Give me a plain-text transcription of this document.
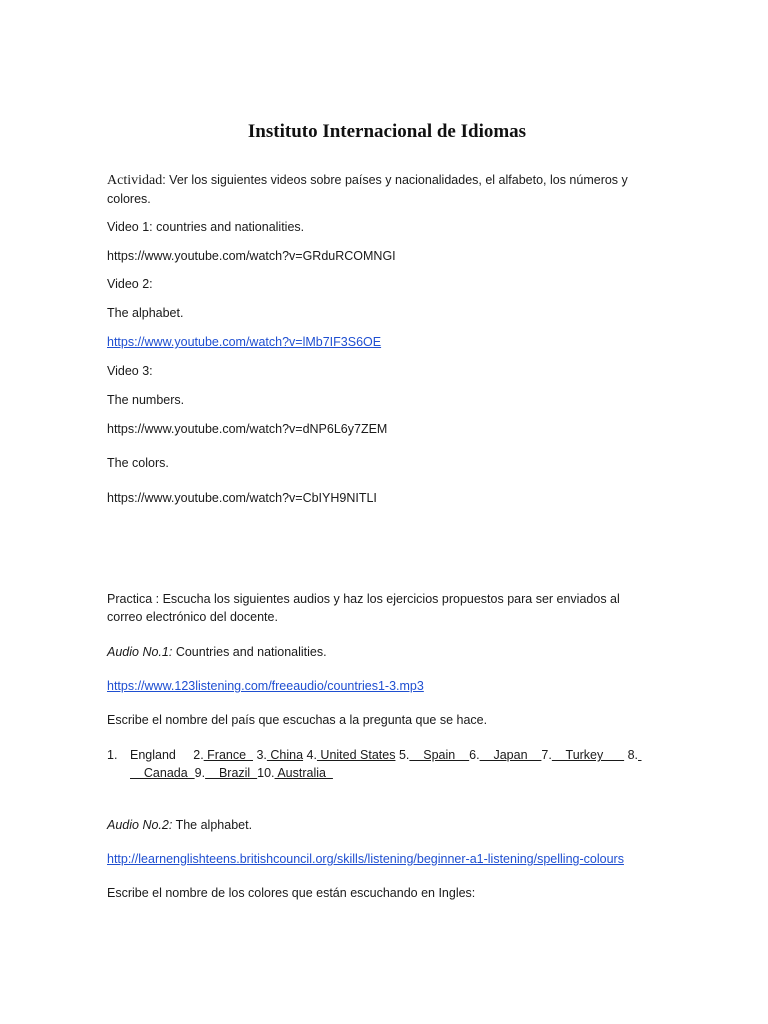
Instituto Internacional de Idiomas

Actividad: Ver los siguientes videos sobre países y nacionalidades, el alfabeto, los números y colores.

Video 1: countries and nationalities.

https://www.youtube.com/watch?v=GRduRCOMNGI

Video 2:

The alphabet.

https://www.youtube.com/watch?v=lMb7IF3S6OE

Video 3:

The numbers.

https://www.youtube.com/watch?v=dNP6L6y7ZEM

The colors.

https://www.youtube.com/watch?v=CbIYH9NITLI

Practica : Escucha los siguientes audios y haz los ejercicios propuestos para ser enviados al correo electrónico del docente.

Audio No.1: Countries and nationalities.

https://www.123listening.com/freeaudio/countries1-3.mp3

Escribe el nombre del país que escuchas a la pregunta que se hace.

1. England     2. France   3. China 4. United States 5.    Spain    6.    Japan    7.    Turkey       8.

Canada  9.    Brazil  10. Australia

Audio No.2: The alphabet.

http://learnenglishteens.britishcouncil.org/skills/listening/beginner-a1-listening/spelling-colours

Escribe el nombre de los colores que están escuchando en Ingles:
